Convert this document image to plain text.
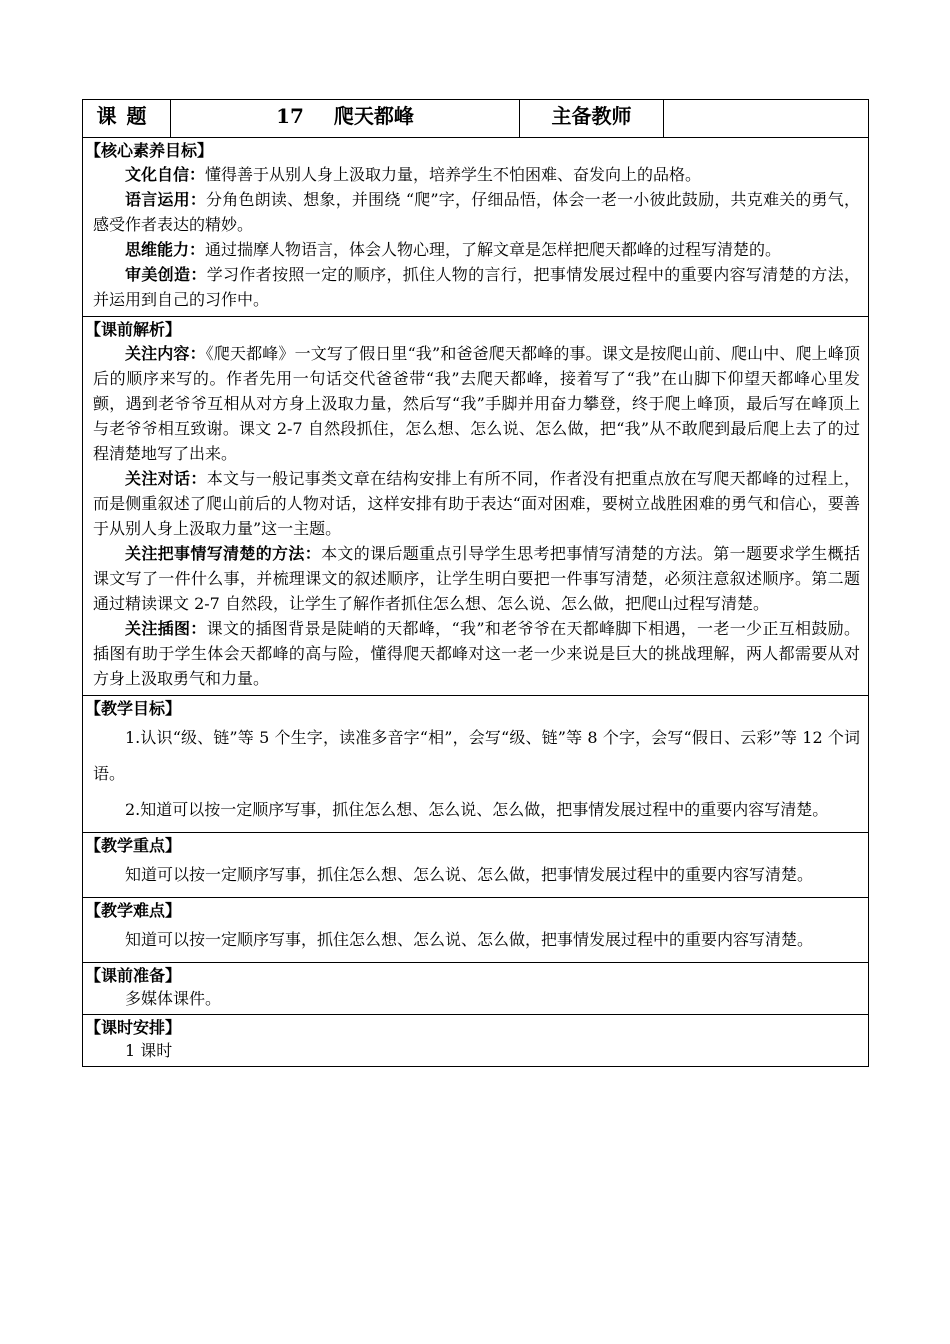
课题	17 爬天都峰	主备教师	

【核心素养目标】

文化自信：懂得善于从别人身上汲取力量，培养学生不怕困难、奋发向上的品格。

语言运用：分角色朗读、想象，并围绕 “爬”字，仔细品悟，体会一老一小彼此鼓励，共克难关的勇气，感受作者表达的精妙。

思维能力：通过揣摩人物语言，体会人物心理，了解文章是怎样把爬天都峰的过程写清楚的。

审美创造：学习作者按照一定的顺序，抓住人物的言行，把事情发展过程中的重要内容写清楚的方法，并运用到自己的习作中。

【课前解析】

关注内容：《爬天都峰》一文写了假日里“我”和爸爸爬天都峰的事。课文是按爬山前、爬山中、爬上峰顶后的顺序来写的。作者先用一句话交代爸爸带“我”去爬天都峰，接着写了“我”在山脚下仰望天都峰心里发颤，遇到老爷爷互相从对方身上汲取力量，然后写“我”手脚并用奋力攀登，终于爬上峰顶，最后写在峰顶上与老爷爷相互致谢。课文 2-7 自然段抓住，怎么想、怎么说、怎么做，把“我”从不敢爬到最后爬上去了的过程清楚地写了出来。

关注对话：本文与一般记事类文章在结构安排上有所不同，作者没有把重点放在写爬天都峰的过程上，而是侧重叙述了爬山前后的人物对话，这样安排有助于表达“面对困难，要树立战胜困难的勇气和信心，要善于从别人身上汲取力量”这一主题。

关注把事情写清楚的方法：本文的课后题重点引导学生思考把事情写清楚的方法。第一题要求学生概括课文写了一件什么事，并梳理课文的叙述顺序，让学生明白要把一件事写清楚，必须注意叙述顺序。第二题通过精读课文 2-7 自然段，让学生了解作者抓住怎么想、怎么说、怎么做，把爬山过程写清楚。

关注插图：课文的插图背景是陡峭的天都峰，“我”和老爷爷在天都峰脚下相遇，一老一少正互相鼓励。插图有助于学生体会天都峰的高与险，懂得爬天都峰对这一老一少来说是巨大的挑战理解，两人都需要从对方身上汲取勇气和力量。

【教学目标】

1.认识“级、链”等 5 个生字，读准多音字“相”，会写“级、链”等 8 个字，会写“假日、云彩”等 12 个词语。

2.知道可以按一定顺序写事，抓住怎么想、怎么说、怎么做，把事情发展过程中的重要内容写清楚。

【教学重点】

知道可以按一定顺序写事，抓住怎么想、怎么说、怎么做，把事情发展过程中的重要内容写清楚。

【教学难点】

知道可以按一定顺序写事，抓住怎么想、怎么说、怎么做，把事情发展过程中的重要内容写清楚。

【课前准备】

多媒体课件。

【课时安排】

1 课时
